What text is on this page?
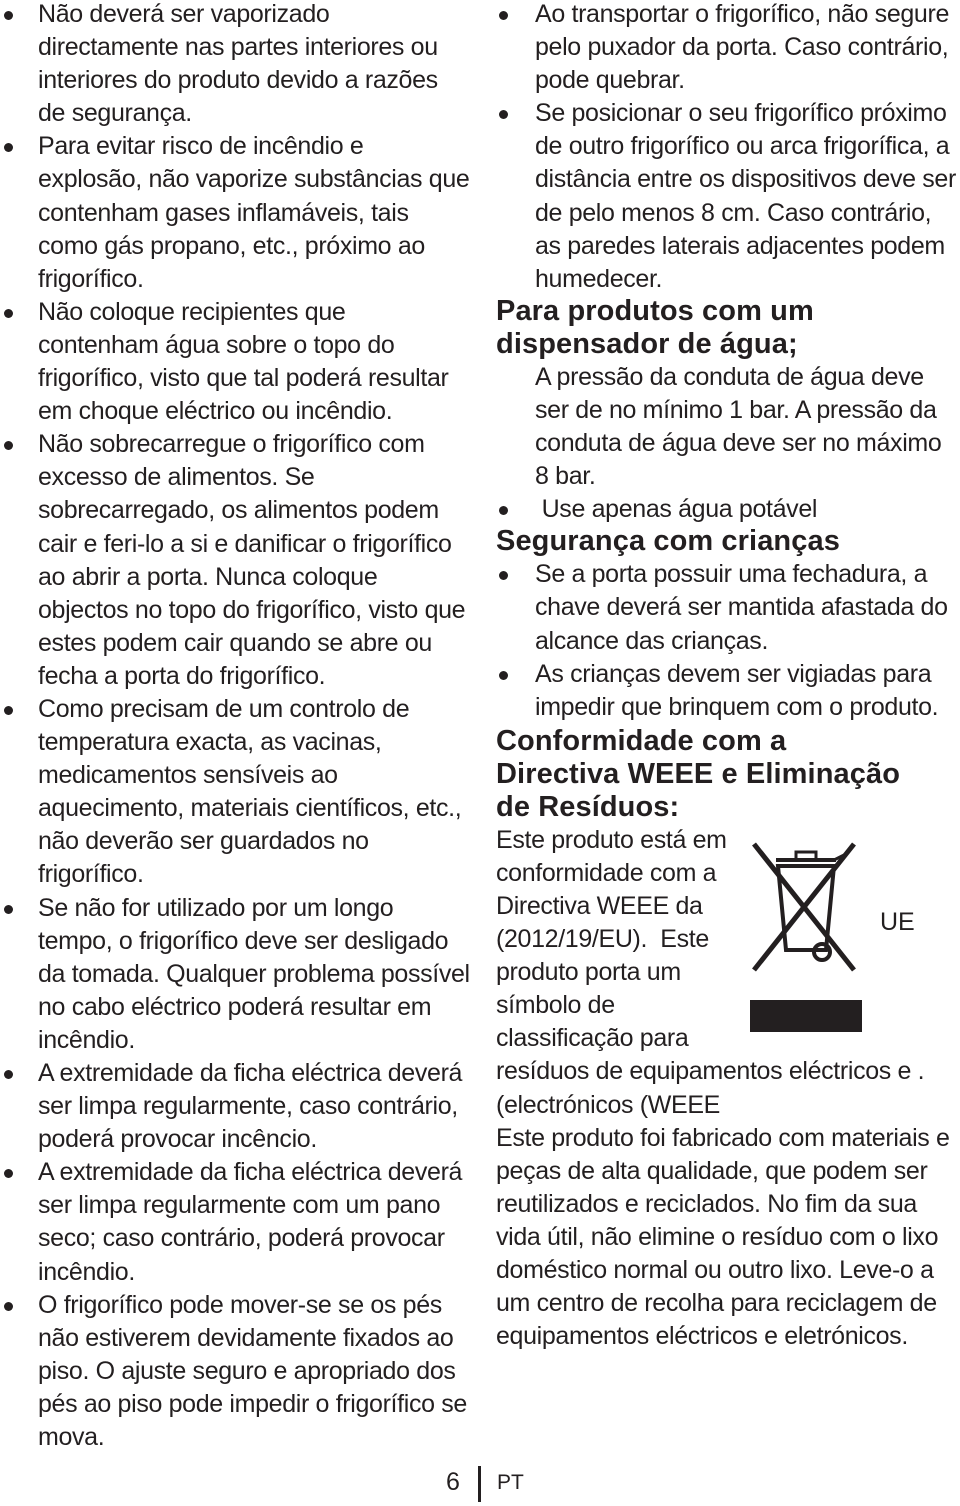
Não deverá ser vaporizado directamente nas partes interiores ou interiores do produto devido a razões de segurança.
Para evitar risco de incêndio e explosão, não vaporize substâncias que contenham gases inflamáveis, tais como gás propano, etc., próximo ao frigorífico.
Não coloque recipientes que contenham água sobre o topo do frigorífico, visto que tal poderá resultar em choque eléctrico ou incêndio.
Não sobrecarregue o frigorífico com excesso de alimentos. Se sobrecarregado, os alimentos podem cair e feri-lo a si e danificar o frigorífico ao abrir a porta. Nunca coloque objectos no topo do frigorífico, visto que estes podem cair quando se abre ou fecha a porta do frigorífico.
Como precisam de um controlo de temperatura exacta, as vacinas, medicamentos sensíveis ao aquecimento, materiais científicos, etc., não deverão ser guardados no frigorífico.
Se não for utilizado por um longo tempo, o frigorífico deve ser desligado da tomada. Qualquer problema possível no cabo eléctrico poderá resultar em incêndio.
A extremidade da ficha eléctrica deverá ser limpa regularmente, caso contrário, poderá provocar incêncio.
A extremidade da ficha eléctrica deverá ser limpa regularmente com um pano seco; caso contrário, poderá provocar incêndio.
O frigorífico pode mover-se se os pés não estiverem devidamente fixados ao piso. O ajuste seguro e apropriado dos pés ao piso pode impedir o frigorífico se mova.
Ao transportar o frigorífico, não segure pelo puxador da porta. Caso contrário, pode quebrar.
Se posicionar o seu frigorífico próximo de outro frigorífico ou arca frigorífica, a distância entre os dispositivos deve ser de pelo menos 8 cm. Caso contrário, as paredes laterais adjacentes podem humedecer.
Para produtos com um
dispensador de água;

A pressão da conduta de água deve ser de no mínimo 1 bar. A pressão da conduta de água deve ser no máximo 8 bar.

Use apenas água potável
Segurança com crianças
Se a porta possuir uma fechadura, a chave deverá ser mantida afastada do alcance das crianças.
As crianças devem ser vigiadas para impedir que brinquem com o produto.
Conformidade com a
Directiva WEEE e Eliminação
de Resíduos:
Este produto está em
conformidade com a
Directiva WEEE da
(2012/19/EU).  Este
produto porta um
símbolo de
classificação para
UE

resíduos de equipamentos eléctricos e .(electrónicos (WEEE

Este produto foi fabricado com materiais e peças de alta qualidade, que podem ser reutilizados e reciclados. No fim da sua vida útil, não elimine o resíduo com o lixo doméstico normal ou outro lixo. Leve-o a um centro de recolha para reciclagem de equipamentos eléctricos e eletrónicos.

6 PT
